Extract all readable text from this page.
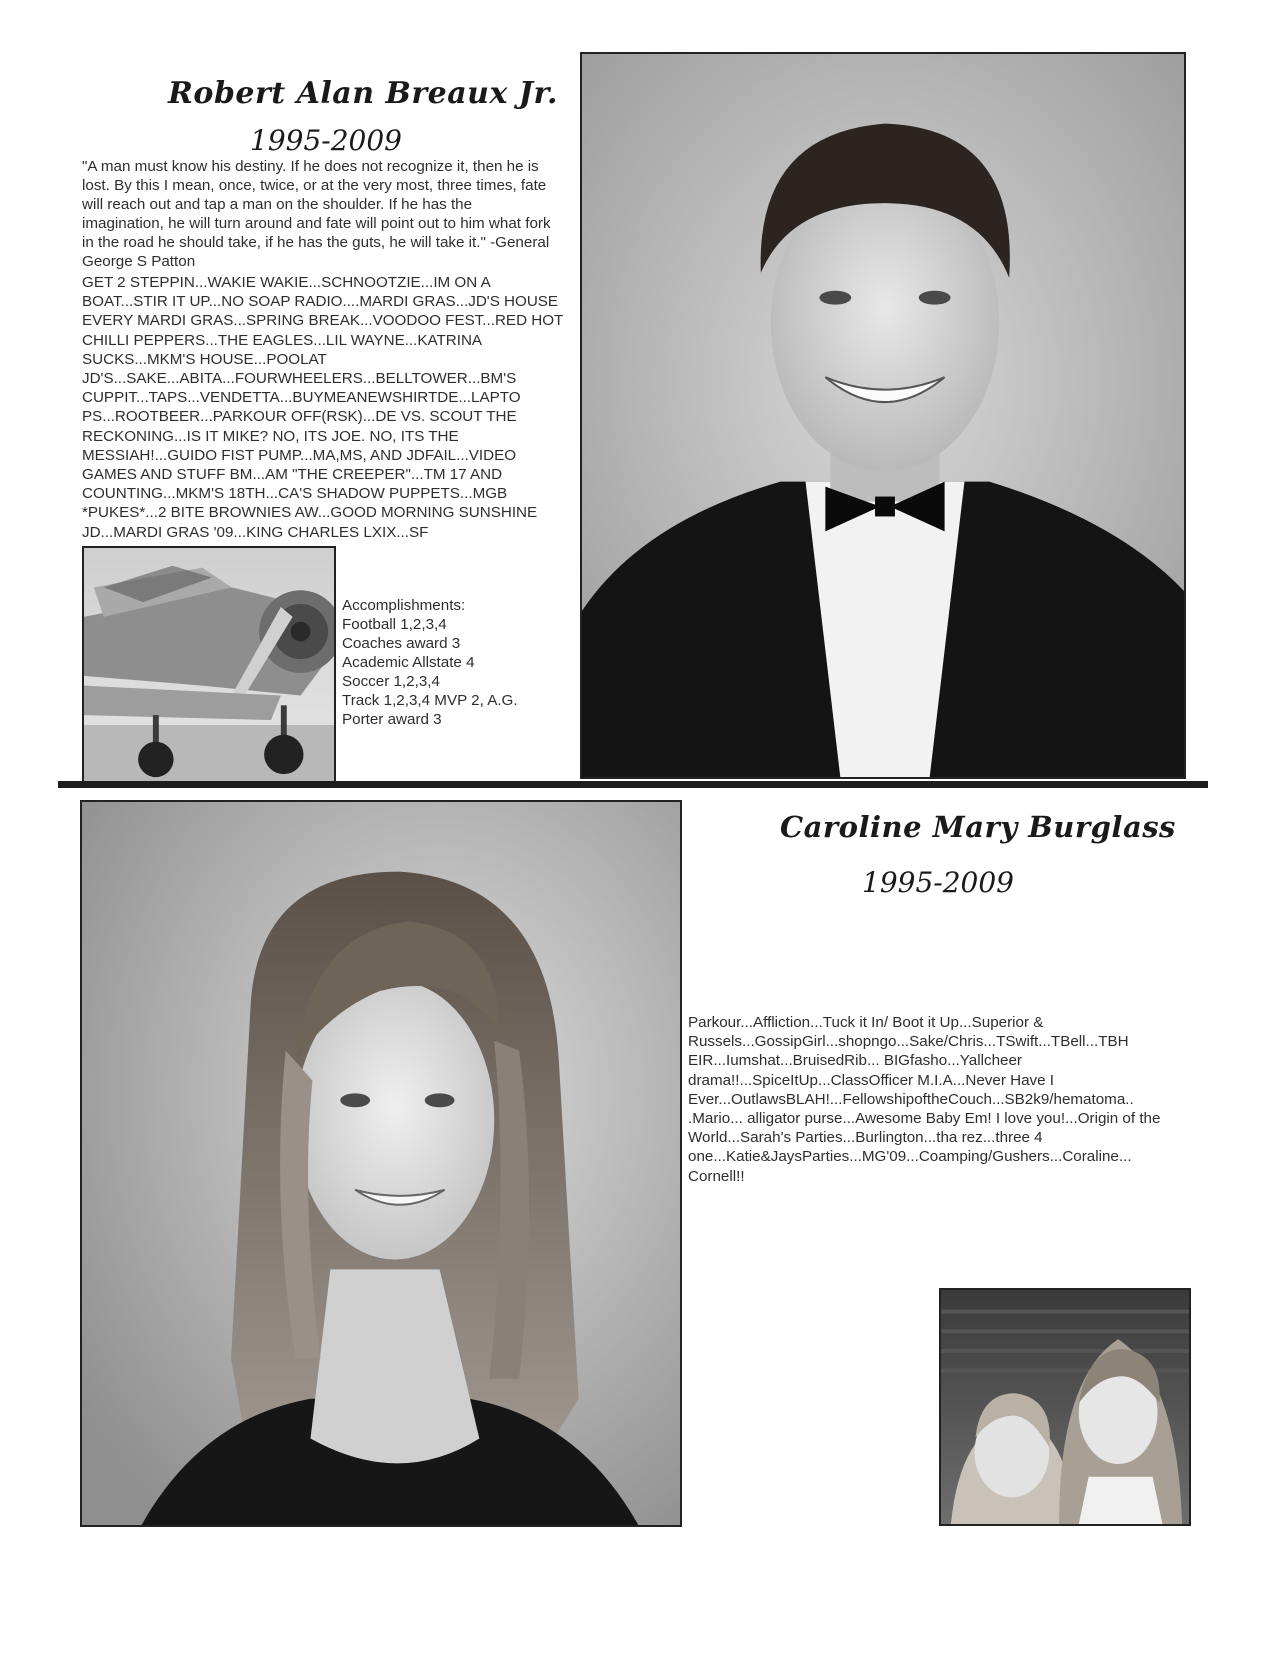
Robert Alan Breaux Jr.
1995-2009
"A man must know his destiny. If he does not recognize it, then he is lost. By this I mean, once, twice, or at the very most, three times, fate will reach out and tap a man on the shoulder. If he has the imagination, he will turn around and fate will point out to him what fork in the road he should take, if he has the guts, he will take it." -General George S Patton
GET 2 STEPPIN...WAKIE WAKIE...SCHNOOTZIE...IM ON A BOAT...STIR IT UP...NO SOAP RADIO....MARDI GRAS...JD'S HOUSE EVERY MARDI GRAS...SPRING BREAK...VOODOO FEST...RED HOT CHILLI PEPPERS...THE EAGLES...LIL WAYNE...KATRINA SUCKS...MKM'S HOUSE...POOLAT JD'S...SAKE...ABITA...FOURWHEELERS...BELLTOWER...BM'S CUPPIT...TAPS...VENDETTA...BUYMEANEWSHIRTDE...LAPTO PS...ROOTBEER...PARKOUR OFF(RSK)...DE VS. SCOUT THE RECKONING...IS IT MIKE? NO, ITS JOE. NO, ITS THE MESSIAH!...GUIDO FIST PUMP...MA,MS, AND JDFAIL...VIDEO GAMES AND STUFF BM...AM "THE CREEPER"...TM 17 AND COUNTING...MKM'S 18TH...CA'S SHADOW PUPPETS...MGB *PUKES*...2 BITE BROWNIES AW...GOOD MORNING SUNSHINE JD...MARDI GRAS '09...KING CHARLES LXIX...SF
Accomplishments:
Football 1,2,3,4
Coaches award 3
Academic Allstate 4
Soccer 1,2,3,4
Track 1,2,3,4 MVP 2, A.G.
Porter award 3
Caroline Mary Burglass
1995-2009
Parkour...Affliction...Tuck it In/ Boot it Up...Superior & Russels...GossipGirl...shopngo...Sake/Chris...TSwift...TBell...TBH EIR...Iumshat...BruisedRib... BIGfasho...Yallcheer drama!!...SpiceItUp...ClassOfficer M.I.A...Never Have I Ever...OutlawsBLAH!...FellowshipoftheCouch...SB2k9/hematoma.. .Mario... alligator purse...Awesome Baby Em! I love you!...Origin of the World...Sarah's Parties...Burlington...tha rez...three 4 one...Katie&JaysParties...MG'09...Coamping/Gushers...Coraline... Cornell!!
